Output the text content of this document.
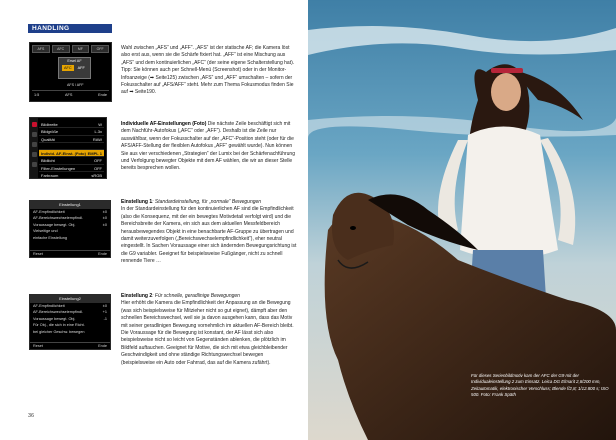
HANDLING
AFS	AFC	MF	OFF
Ersel AF
AFC	AFF
AFS / AFF
1:5	AFS	Ende
Bildbreite	W
Bildgröße	L.3x
Qualität	RAW
Individ. AF-Einst. (Foto) EMPL 1
Bildlicht	OFF
Filter-Einstellungen	OFF
Farbraum	sRGB
Einstellung1
AF-Empfindlichkeit	±0
AF-Bereichswechselempfindl.	±0
Voraussage bewegt. Obj.	±0
Vielseitige und
einfache Einstellung
Reset	Ende
Einstellung2
AF-Empfindlichkeit	±0
AF-Bereichswechselempfindl.	+1
Voraussage bewegt. Obj.	-1
Für Obj., die sich in eine Richt.
bei gleicher Geschw. bewegen
Reset	Ende

Wahl zwischen „AFS“ und „AFF“. „AFS“ ist der statische AF; die Kamera löst also erst aus, wenn sie die Schärfe fixiert hat. „AFF“ ist eine Mischung aus „AFS“ und dem kontinuierlichen „AFC“ (der seine eigene Schalterstellung hat). Tipp: Sie können auch per Schnell-Menü (Screenshot) oder in der Monitor-Infoanzeige (➡ Seite125) zwischen „AFS“ und „AFF“ umschalten – sofern der Fokusschalter auf „AFS/AFF“ steht. Mehr zum Thema Fokusmodus finden Sie auf ➡ Seite190.

Individuelle AF-Einstellungen (Foto) Die nächste Zeile beschäftigt sich mit dem Nachführ-Autofokus („AFC“ oder „AFF“). Deshalb ist die Zeile nur auswählbar, wenn der Fokusschalter auf der „AFC“-Position steht (oder für die AFS/AFF-Stellung der flexiblen Autofokus „AFF“ gewählt wurde). Nun können Sie aus vier verschiedenen „Strategien“ der Lumix bei der Schärfenachführung und Verfolgung bewegter Objekte mit dem AF wählen, die wir an dieser Stelle bereits besprechen wollen.

Einstellung 1: Standardeinstellung, für „normale“ Bewegungen
In der Standardeinstellung für den kontinuierlichen AF sind die Empfindlichkeit (also die Konsequenz, mit der ein bewegtes Motivdetail verfolgt wird) und die Bereichsbreite der Kamera, ein sich aus dem aktuellen Messfeldbereich herausbewegendes Objekt in eine benachbarte AF-Gruppe zu übertragen und damit weiterzuverfolgen („Bereichswechselempfindlichkeit“), eher neutral eingestellt. In Sachen Voraussage einer sich ändernden Bewegungsrichtung ist die G9 variabler. Geeignet für beispielsweise Fußgänger, nicht zu schnell rennende Tiere …

Einstellung 2: Für schnelle, geradlinige Bewegungen
Hier erhöht die Kamera die Empfindlichkeit der Anpassung an die Bewegung (was sich beispielsweise für Mitzieher nicht so gut eignet), dämpft aber den schnellen Bereichswechsel, weil sie ja davon ausgehen kann, dass das Motiv mit seiner geradlinigen Bewegung vornehmlich im aktuellen AF-Bereich bleibt. Die Voraussage für die Bewegung ist konstant, der AF lässt sich also beispielsweise nicht so leicht von Gegenständen ablenken, die plötzlich im Bildfeld auftauchen. Geeignet für Motive, die sich mit etwa gleichbleibender Geschwindigkeit und ohne ständige Richtungswechsel bewegen (beispielsweise ein Auto oder Fahrrad, das auf die Kamera zufährt).

36
Für dieses Serienbildmotiv kam der AFC der G9 mit der Individualeinstellung 2 zum Einsatz. Leica DG Elmarit 2,8/200 mm, Zeitautomatik, elektronischer Verschluss; Blende f/2,8; 1/12.800 s; ISO 500. Foto: Frank Späth
